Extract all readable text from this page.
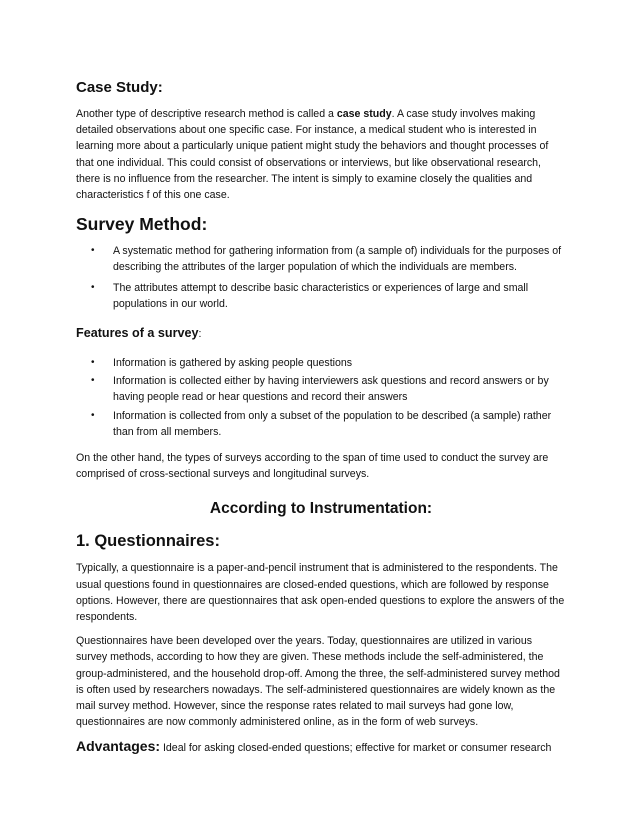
Case Study:

Another type of descriptive research method is called a case study. A case study involves making detailed observations about one specific case. For instance, a medical student who is interested in learning more about a particularly unique patient might study the behaviors and thought processes of that one individual. This could consist of observations or interviews, but like observational research, there is no influence from the researcher. The intent is simply to examine closely the qualities and characteristics f of this one case.

Survey Method:
• A systematic method for gathering information from (a sample of) individuals for the purposes of describing the attributes of the larger population of which the individuals are members.
• The attributes attempt to describe basic characteristics or experiences of large and small populations in our world.
Features of a survey:
• Information is gathered by asking people questions
• Information is collected either by having interviewers ask questions and record answers or by having people read or hear questions and record their answers
• Information is collected from only a subset of the population to be described (a sample) rather than from all members.

On the other hand, the types of surveys according to the span of time used to conduct the survey are comprised of cross-sectional surveys and longitudinal surveys.

According to Instrumentation:
1. Questionnaires:

Typically, a questionnaire is a paper-and-pencil instrument that is administered to the respondents. The usual questions found in questionnaires are closed-ended questions, which are followed by response options. However, there are questionnaires that ask open-ended questions to explore the answers of the respondents.

Questionnaires have been developed over the years. Today, questionnaires are utilized in various survey methods, according to how they are given. These methods include the self-administered, the group-administered, and the household drop-off. Among the three, the self-administered survey method is often used by researchers nowadays. The self-administered questionnaires are widely known as the mail survey method. However, since the response rates related to mail surveys had gone low, questionnaires are now commonly administered online, as in the form of web surveys.

Advantages: Ideal for asking closed-ended questions; effective for market or consumer research
